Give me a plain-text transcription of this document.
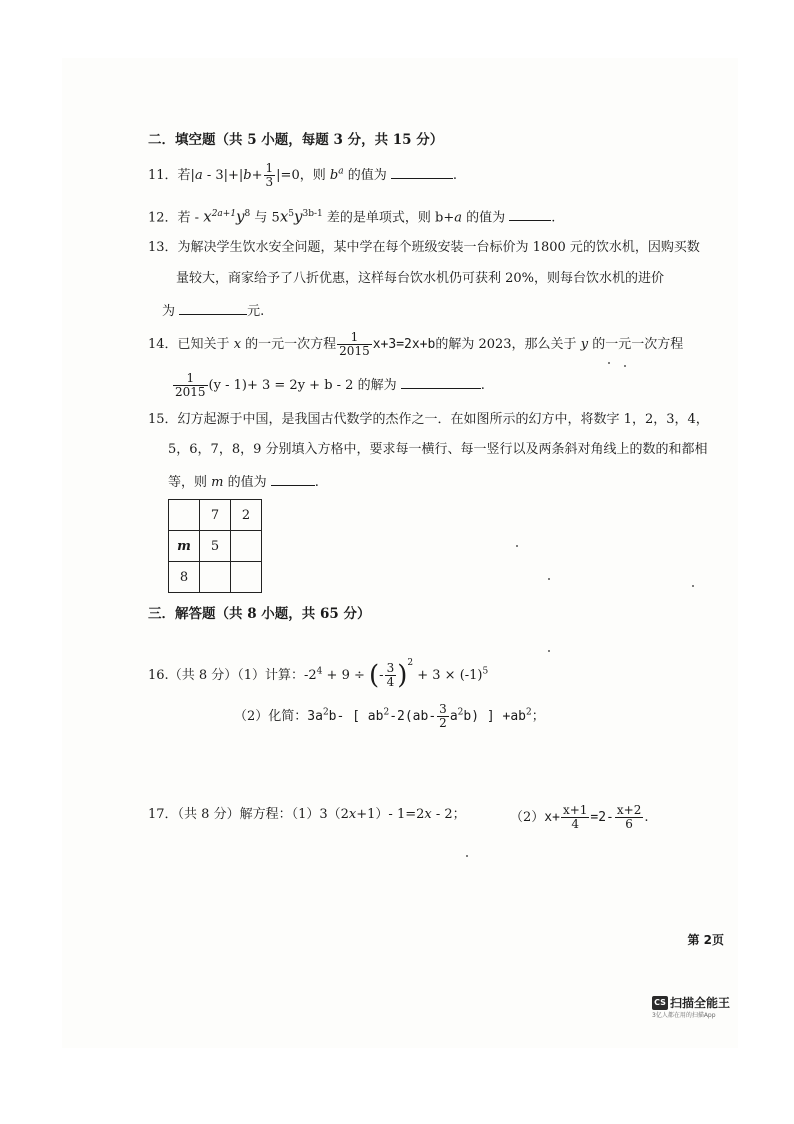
二．填空题（共 5 小题，每题 3 分，共 15 分）
11．若$|a - 3|+|b+ \frac{1}{3} |=0$，则 $b^a$ 的值为	.
12．若 - $x^{2a+1}y^8$ 与 $5x^5y^{3b-1}$ 差的是单项式，则 b+a 的值为	.
13．为解决学生饮水安全问题，某中学在每个班级安装一台标价为 1800 元的饮水机，因购买数
量较大，商家给予了八折优惠，这样每台饮水机仍可获利 20%，则每台饮水机的进价
为	元.
14．已知关于 x 的一元一次方程 $\frac{1}{2015} x+3=2x+b$的解为 2023，那么关于 y 的一元一次方程
$\frac{1}{2015} (y - 1)+ 3 = 2y + b - 2$ 的解为	.
15．幻方起源于中国，是我国古代数学的杰作之一．在如图所示的幻方中，将数字 1，2，3，4，
5，6，7，8，9 分别填入方格中，要求每一横行、每一竖行以及两条斜对角线上的数的和都相
等，则 m 的值为	.
	7	2
m	5	
8		
三．解答题（共 8 小题，共 65 分）
16.（共 8 分）（1）计算：$-2^4 + 9$ ÷ (- $\frac{3}{4} )^2 + 3 \times (-1)^5$
（2）化简：$3a^2b-$ [ $ab^2-2(ab- \frac{3}{2} a^2b)$ ] $+ab^2$；
17．（共 8 分）解方程：（1）3（2x+1）- 1=2x - 2；	$(2)x+ \frac{x+1}{4} =2- \frac{x+2}{6}$ .
第 2页
CS 扫描全能王
3亿人都在用的扫描App
